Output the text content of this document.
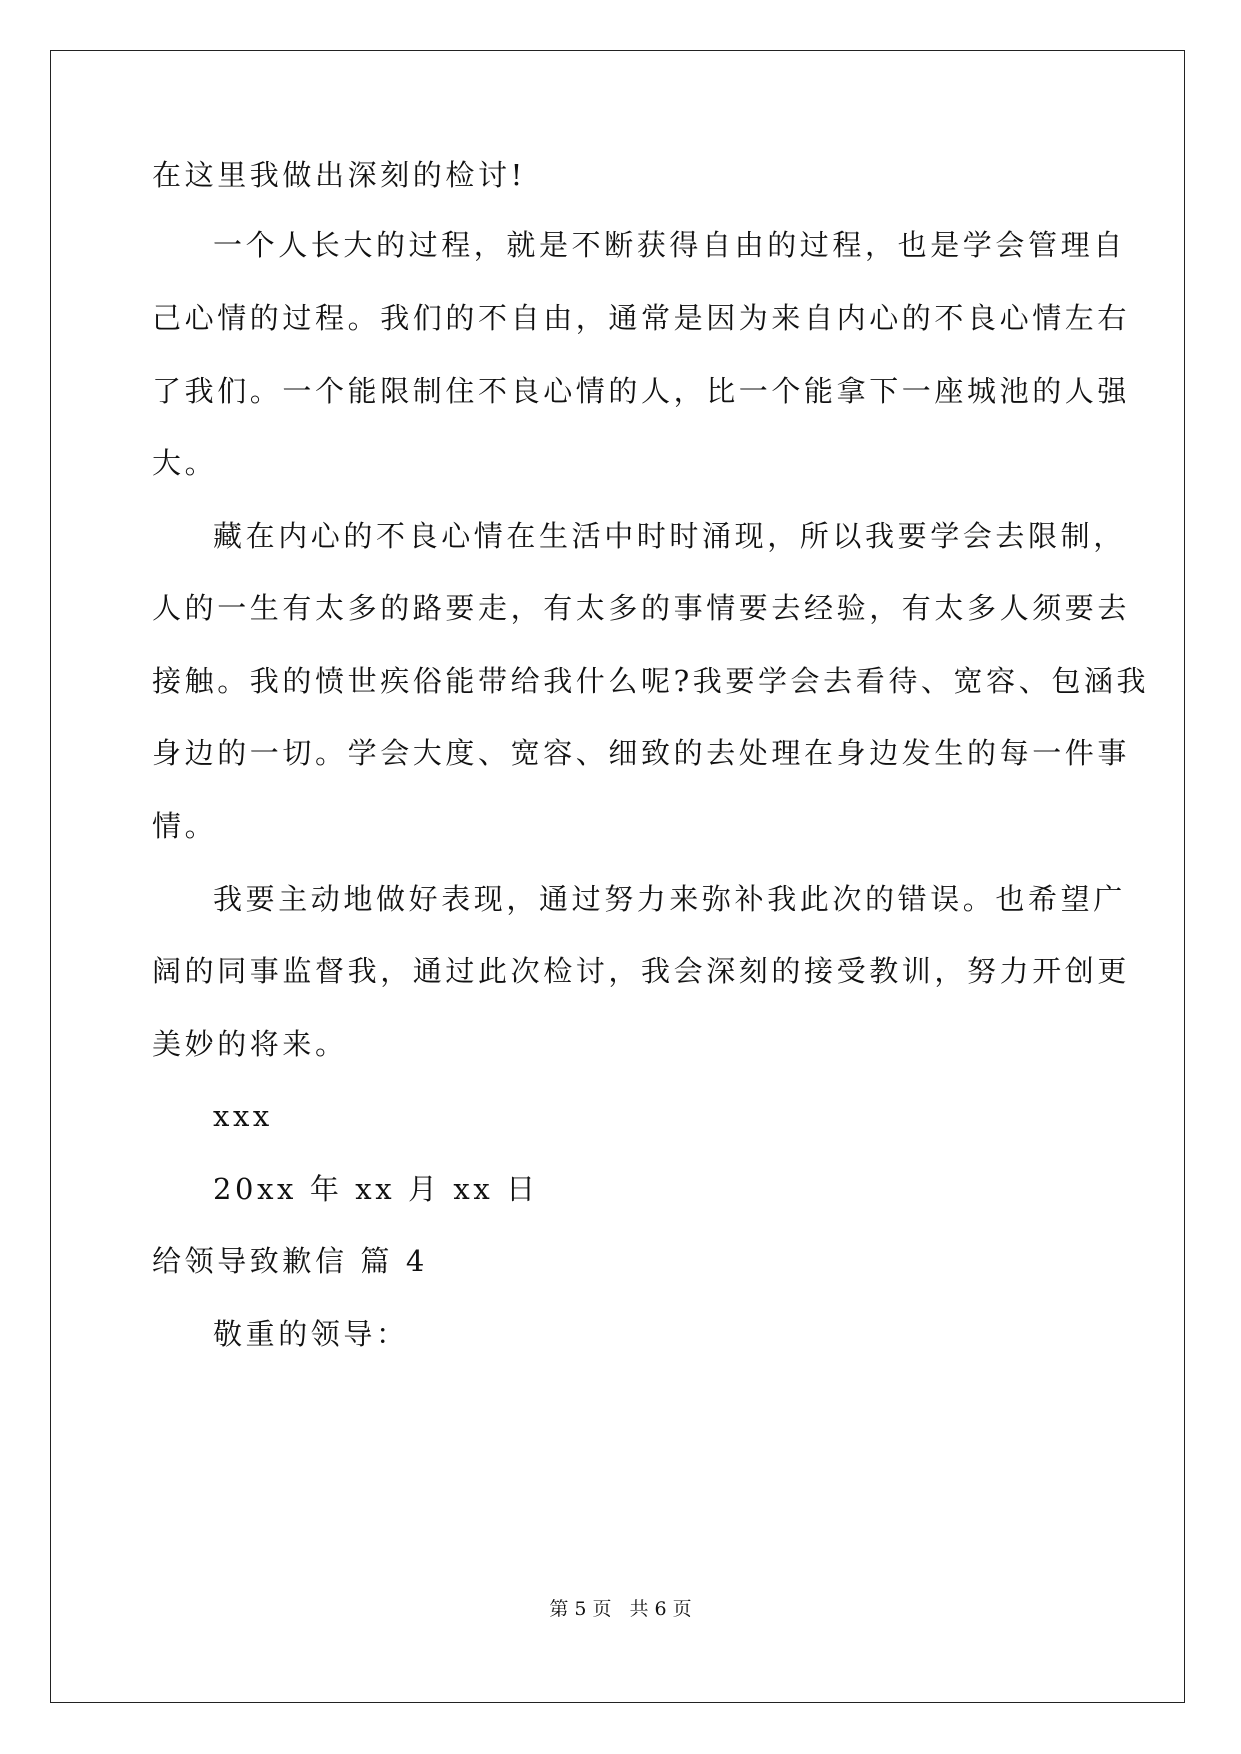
在这里我做出深刻的检讨!
一个人长大的过程，就是不断获得自由的过程，也是学会管理自
己心情的过程。我们的不自由，通常是因为来自内心的不良心情左右
了我们。一个能限制住不良心情的人，比一个能拿下一座城池的人强
大。
藏在内心的不良心情在生活中时时涌现，所以我要学会去限制，
人的一生有太多的路要走，有太多的事情要去经验，有太多人须要去
接触。我的愤世疾俗能带给我什么呢?我要学会去看待、宽容、包涵我
身边的一切。学会大度、宽容、细致的去处理在身边发生的每一件事
情。
我要主动地做好表现，通过努力来弥补我此次的错误。也希望广
阔的同事监督我，通过此次检讨，我会深刻的接受教训，努力开创更
美妙的将来。
xxx
20xx 年 xx 月 xx 日
给领导致歉信 篇 4
敬重的领导：
第 5 页 共 6 页
